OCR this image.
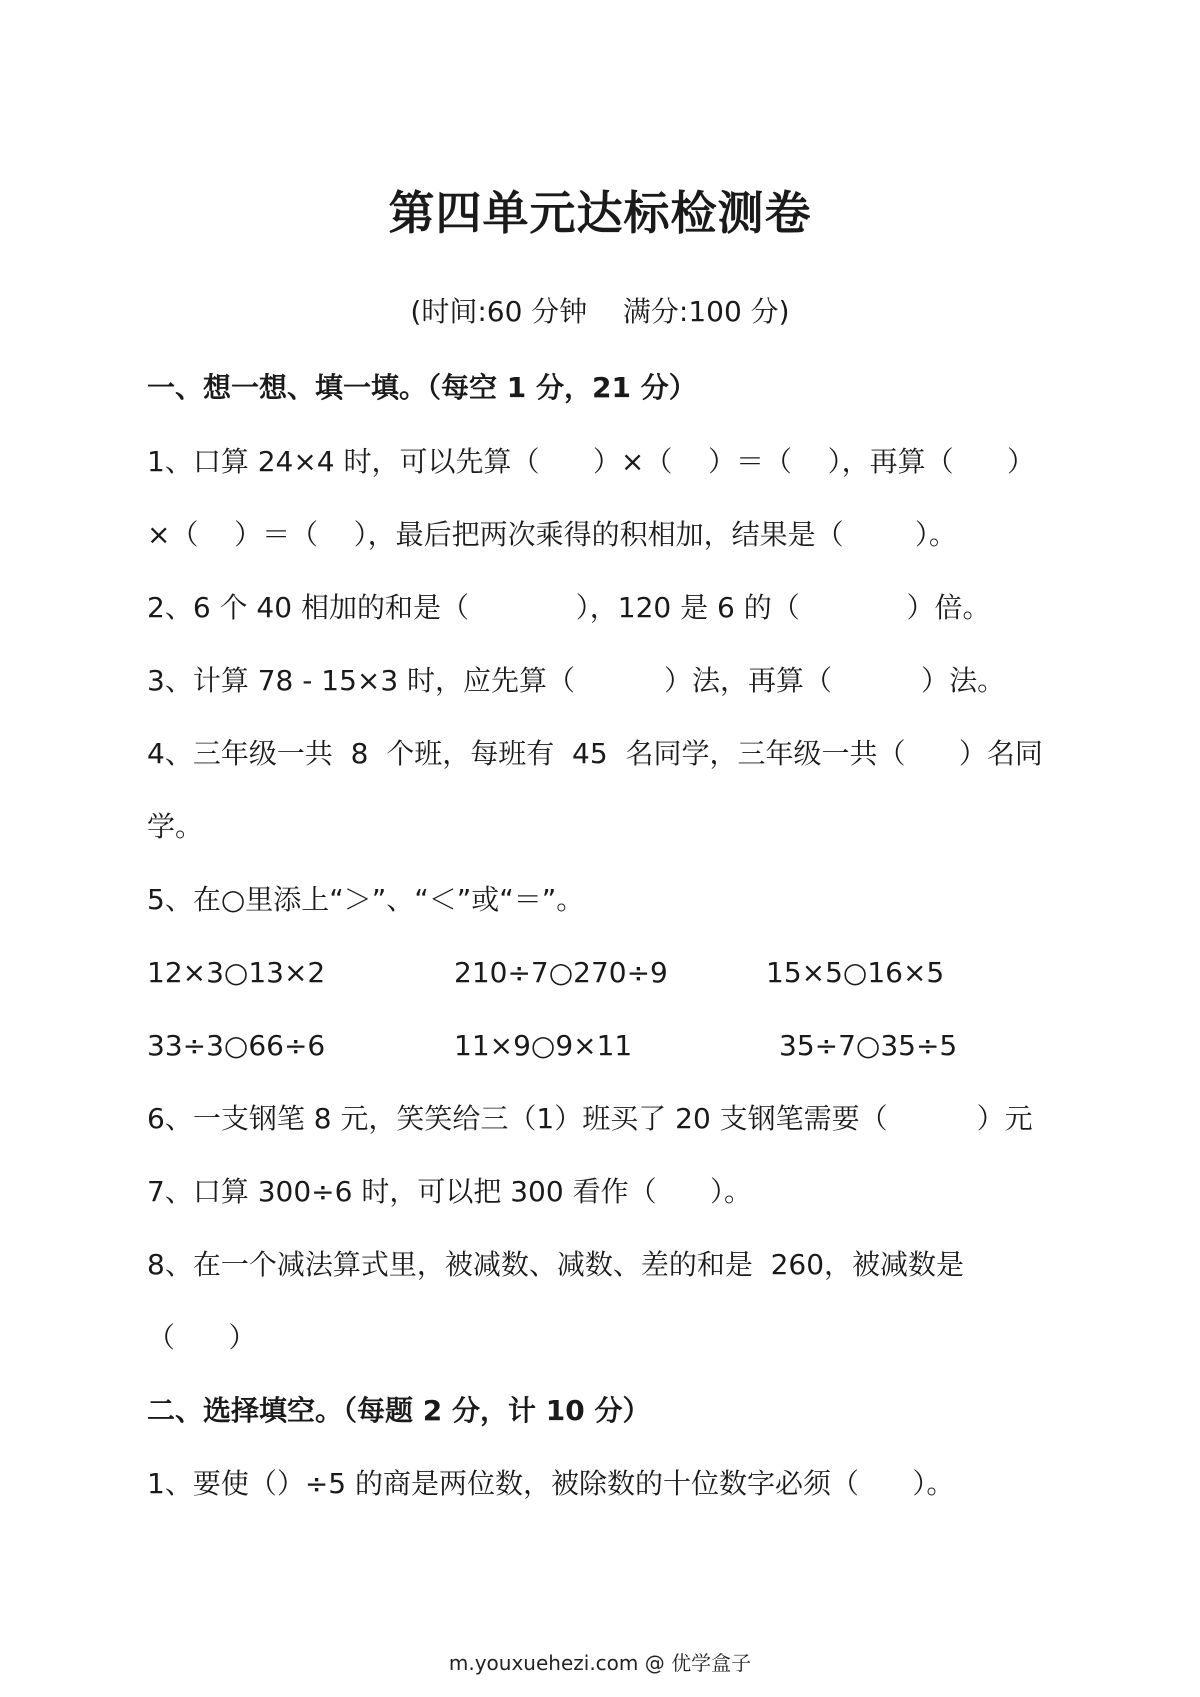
第四单元达标检测卷
(时间:60 分钟    满分:100 分)
一、想一想、填一填。（每空 1 分，21 分）
1、口算 24×4 时，可以先算（      ）×（    ）＝（    ），再算（      ）
×（    ）＝（    ），最后把两次乘得的积相加，结果是（        ）。
2、6 个 40 相加的和是（            ），120 是 6 的（            ）倍。
3、计算 78 - 15×3 时，应先算（          ）法，再算（          ）法。
4、三年级一共  8  个班，每班有  45  名同学，三年级一共（      ）名同
学。
5、在○里添上“＞”、“＜”或“＝”。
12×3○13×2	210÷7○270÷9	15×5○16×5
33÷3○66÷6	11×9○9×11	35÷7○35÷5
6、一支钢笔 8 元，笑笑给三（1）班买了 20 支钢笔需要（          ）元
7、口算 300÷6 时，可以把 300 看作（      ）。
8、在一个减法算式里，被减数、减数、差的和是  260，被减数是
（      ）
二、选择填空。（每题 2 分，计 10 分）
1、要使（）÷5 的商是两位数，被除数的十位数字必须（      ）。
m.youxuehezi.com @ 优学盒子
